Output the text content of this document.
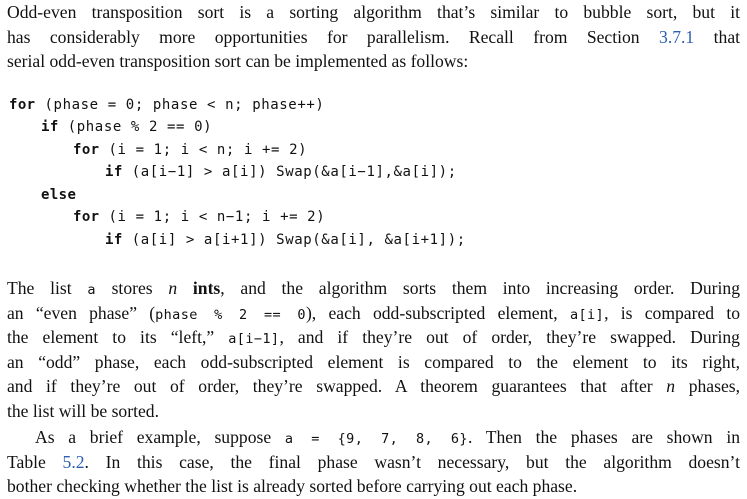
Odd-even transposition sort is a sorting algorithm that’s similar to bubble sort, but it
has considerably more opportunities for parallelism. Recall from Section 3.7.1 that
serial odd-even transposition sort can be implemented as follows:
for (phase = 0; phase < n; phase++)
if (phase % 2 == 0)
for (i = 1; i < n; i += 2)
if (a[i−1] > a[i]) Swap(&a[i−1],&a[i]);
else
for (i = 1; i < n−1; i += 2)
if (a[i] > a[i+1]) Swap(&a[i], &a[i+1]);
The list a stores n ints, and the algorithm sorts them into increasing order. During
an “even phase” (phase % 2 == 0), each odd-subscripted element, a[i], is compared to
the element to its “left,” a[i−1], and if they’re out of order, they’re swapped. During
an “odd” phase, each odd-subscripted element is compared to the element to its right,
and if they’re out of order, they’re swapped. A theorem guarantees that after n phases,
the list will be sorted.
As a brief example, suppose a = {9, 7, 8, 6}. Then the phases are shown in
Table 5.2. In this case, the final phase wasn’t necessary, but the algorithm doesn’t
bother checking whether the list is already sorted before carrying out each phase.
